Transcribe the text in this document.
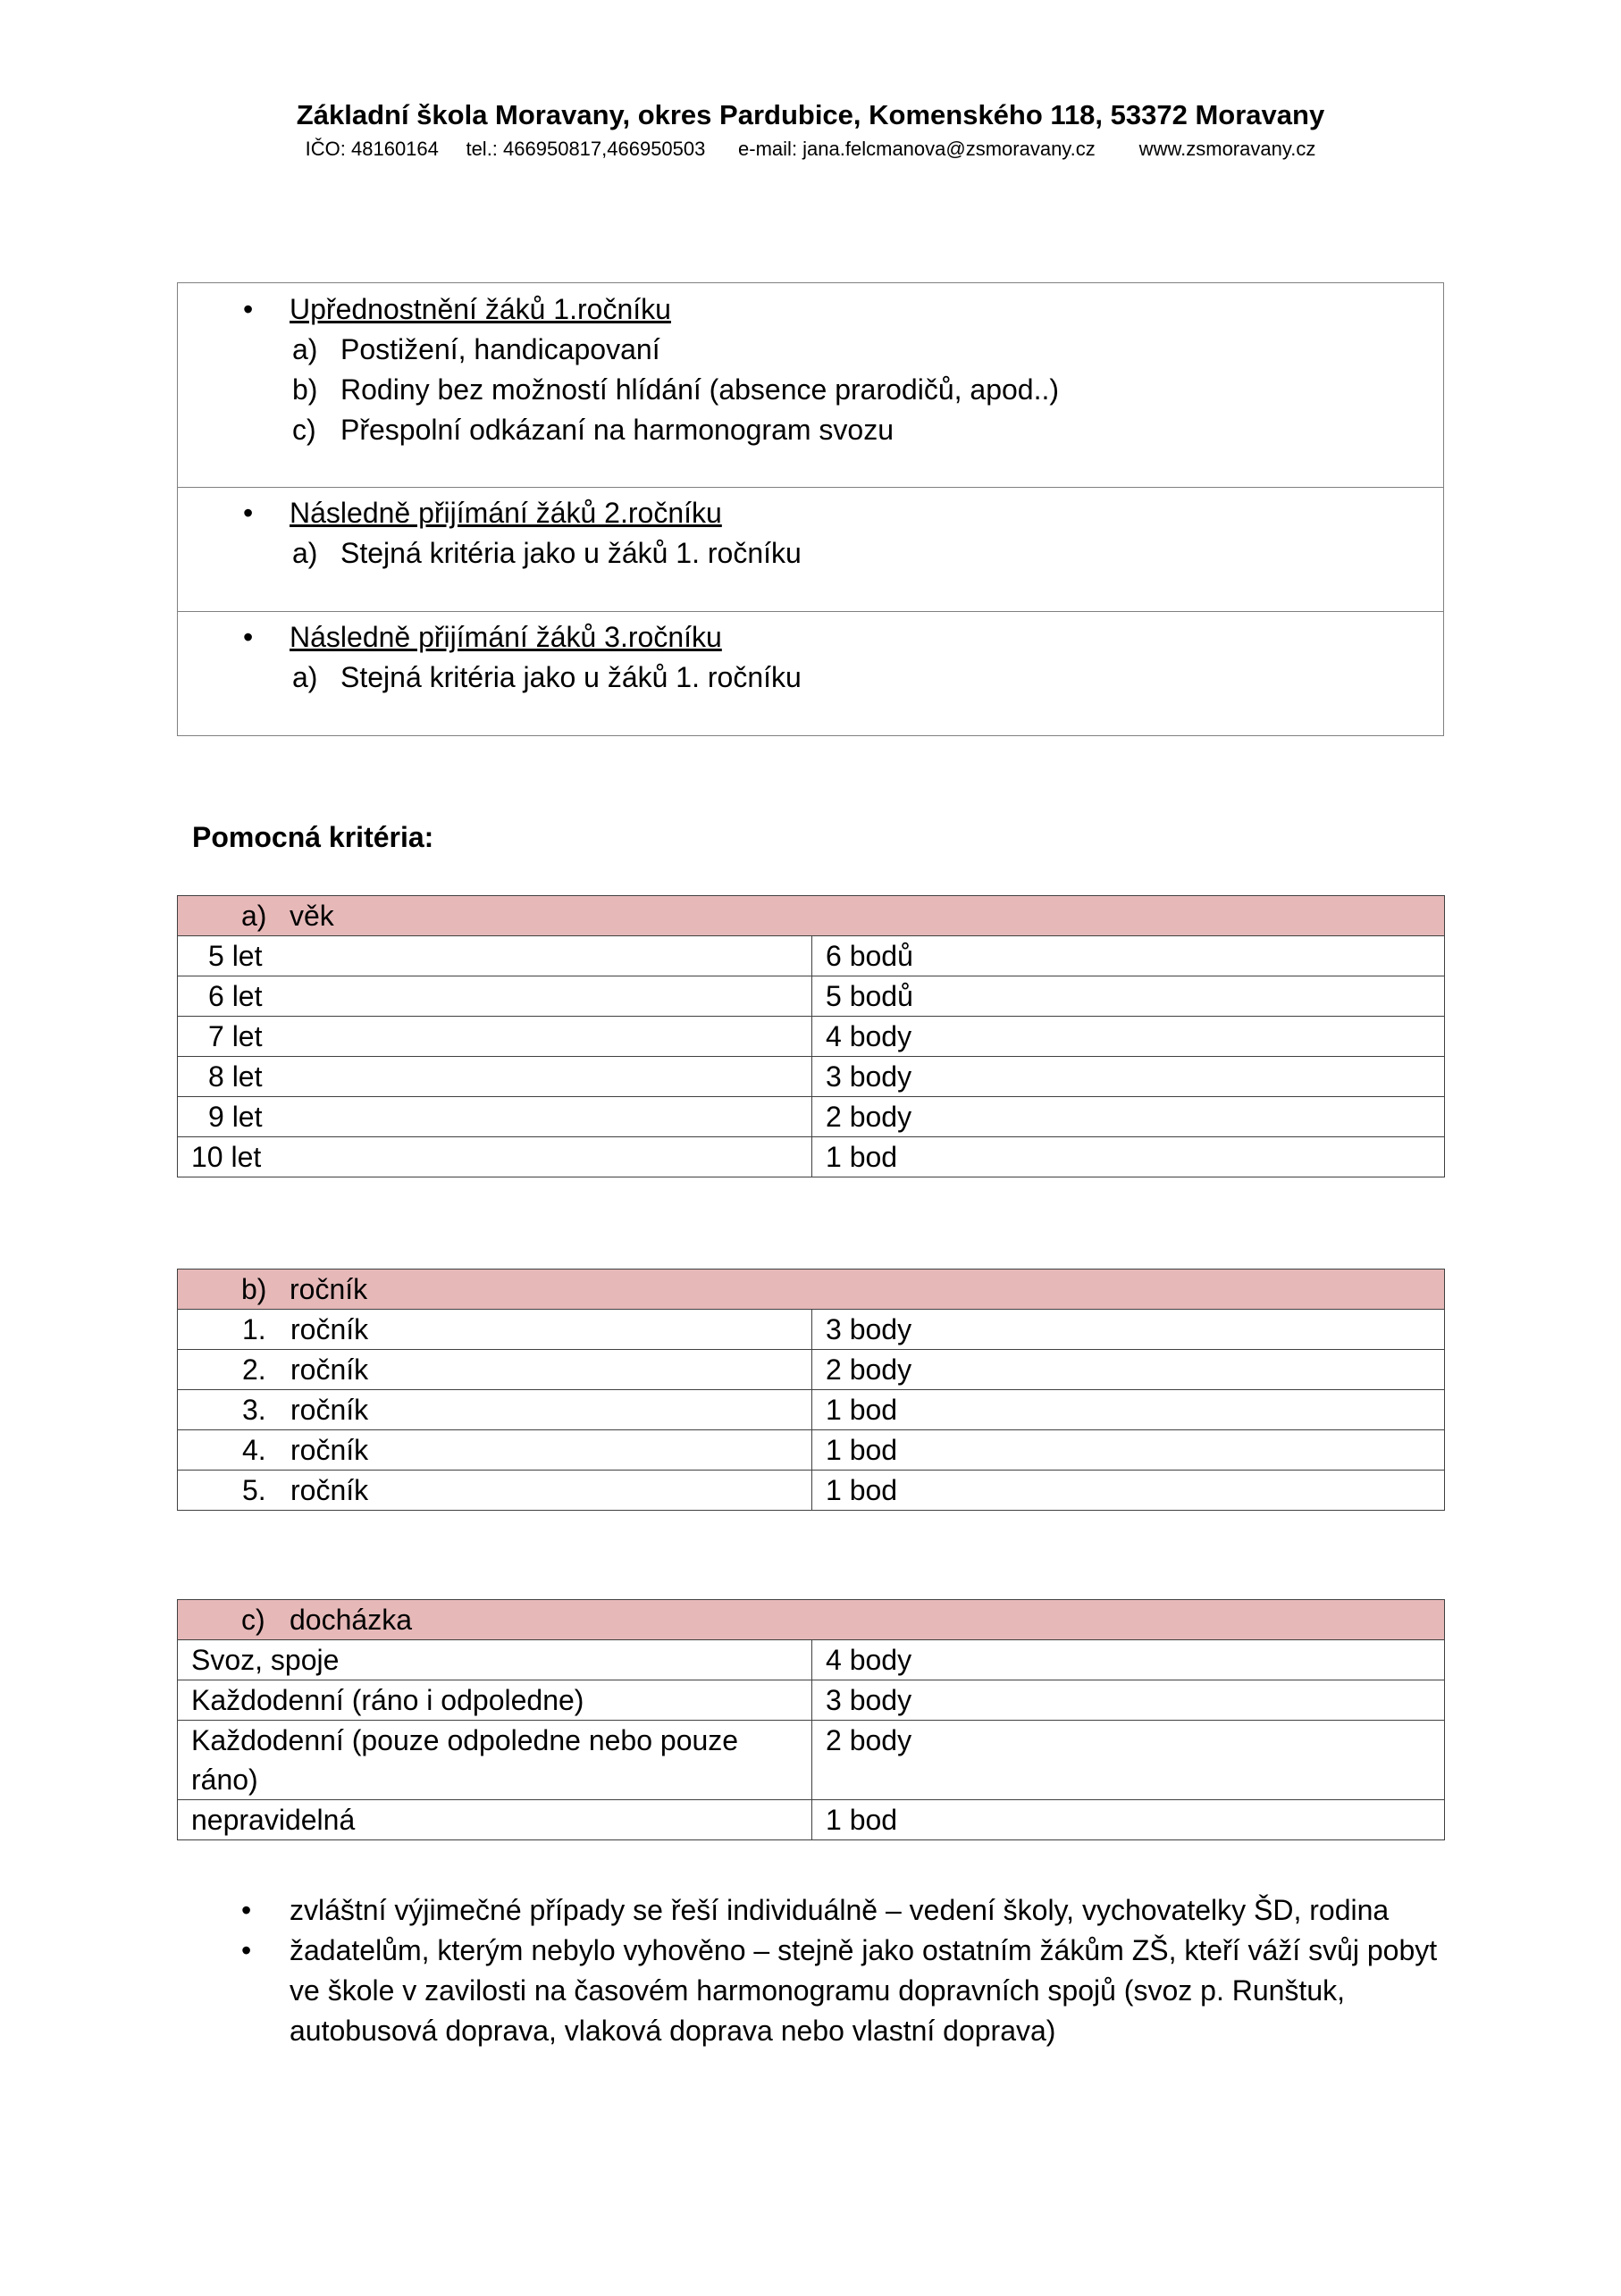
Základní škola Moravany, okres Pardubice, Komenského 118, 53372 Moravany
IČO: 48160164     tel.: 466950817,466950503      e-mail: jana.felcmanova@zsmoravany.cz        www.zsmoravany.cz
• Upřednostnění žáků 1.ročníku
a) Postižení, handicapovaní
b) Rodiny bez možností hlídání (absence prarodičů, apod..)
c) Přespolní odkázaní na harmonogram svozu
• Následně přijímání žáků 2.ročníku
a) Stejná kritéria jako u žáků 1. ročníku
• Následně přijímání žáků 3.ročníku
a) Stejná kritéria jako u žáků 1. ročníku
Pomocná kritéria:
a) věk	
5 let	6 bodů
6 let	5 bodů
7 let	4 body
8 let	3 body
9 let	2 body
10 let	1 bod
b) ročník	
1. ročník	3 body
2. ročník	2 body
3. ročník	1 bod
4. ročník	1 bod
5. ročník	1 bod
c) docházka	
Svoz, spoje	4 body
Každodenní (ráno i odpoledne)	3 body
Každodenní (pouze odpoledne nebo pouze ráno)	2 body
nepravidelná	1 bod
• zvláštní výjimečné případy se řeší individuálně – vedení školy, vychovatelky ŠD, rodina
• žadatelům, kterým nebylo vyhověno – stejně jako ostatním žákům ZŠ, kteří váží svůj pobyt ve škole v zavilosti na časovém harmonogramu dopravních spojů (svoz p. Runštuk, autobusová doprava, vlaková doprava nebo vlastní doprava)
